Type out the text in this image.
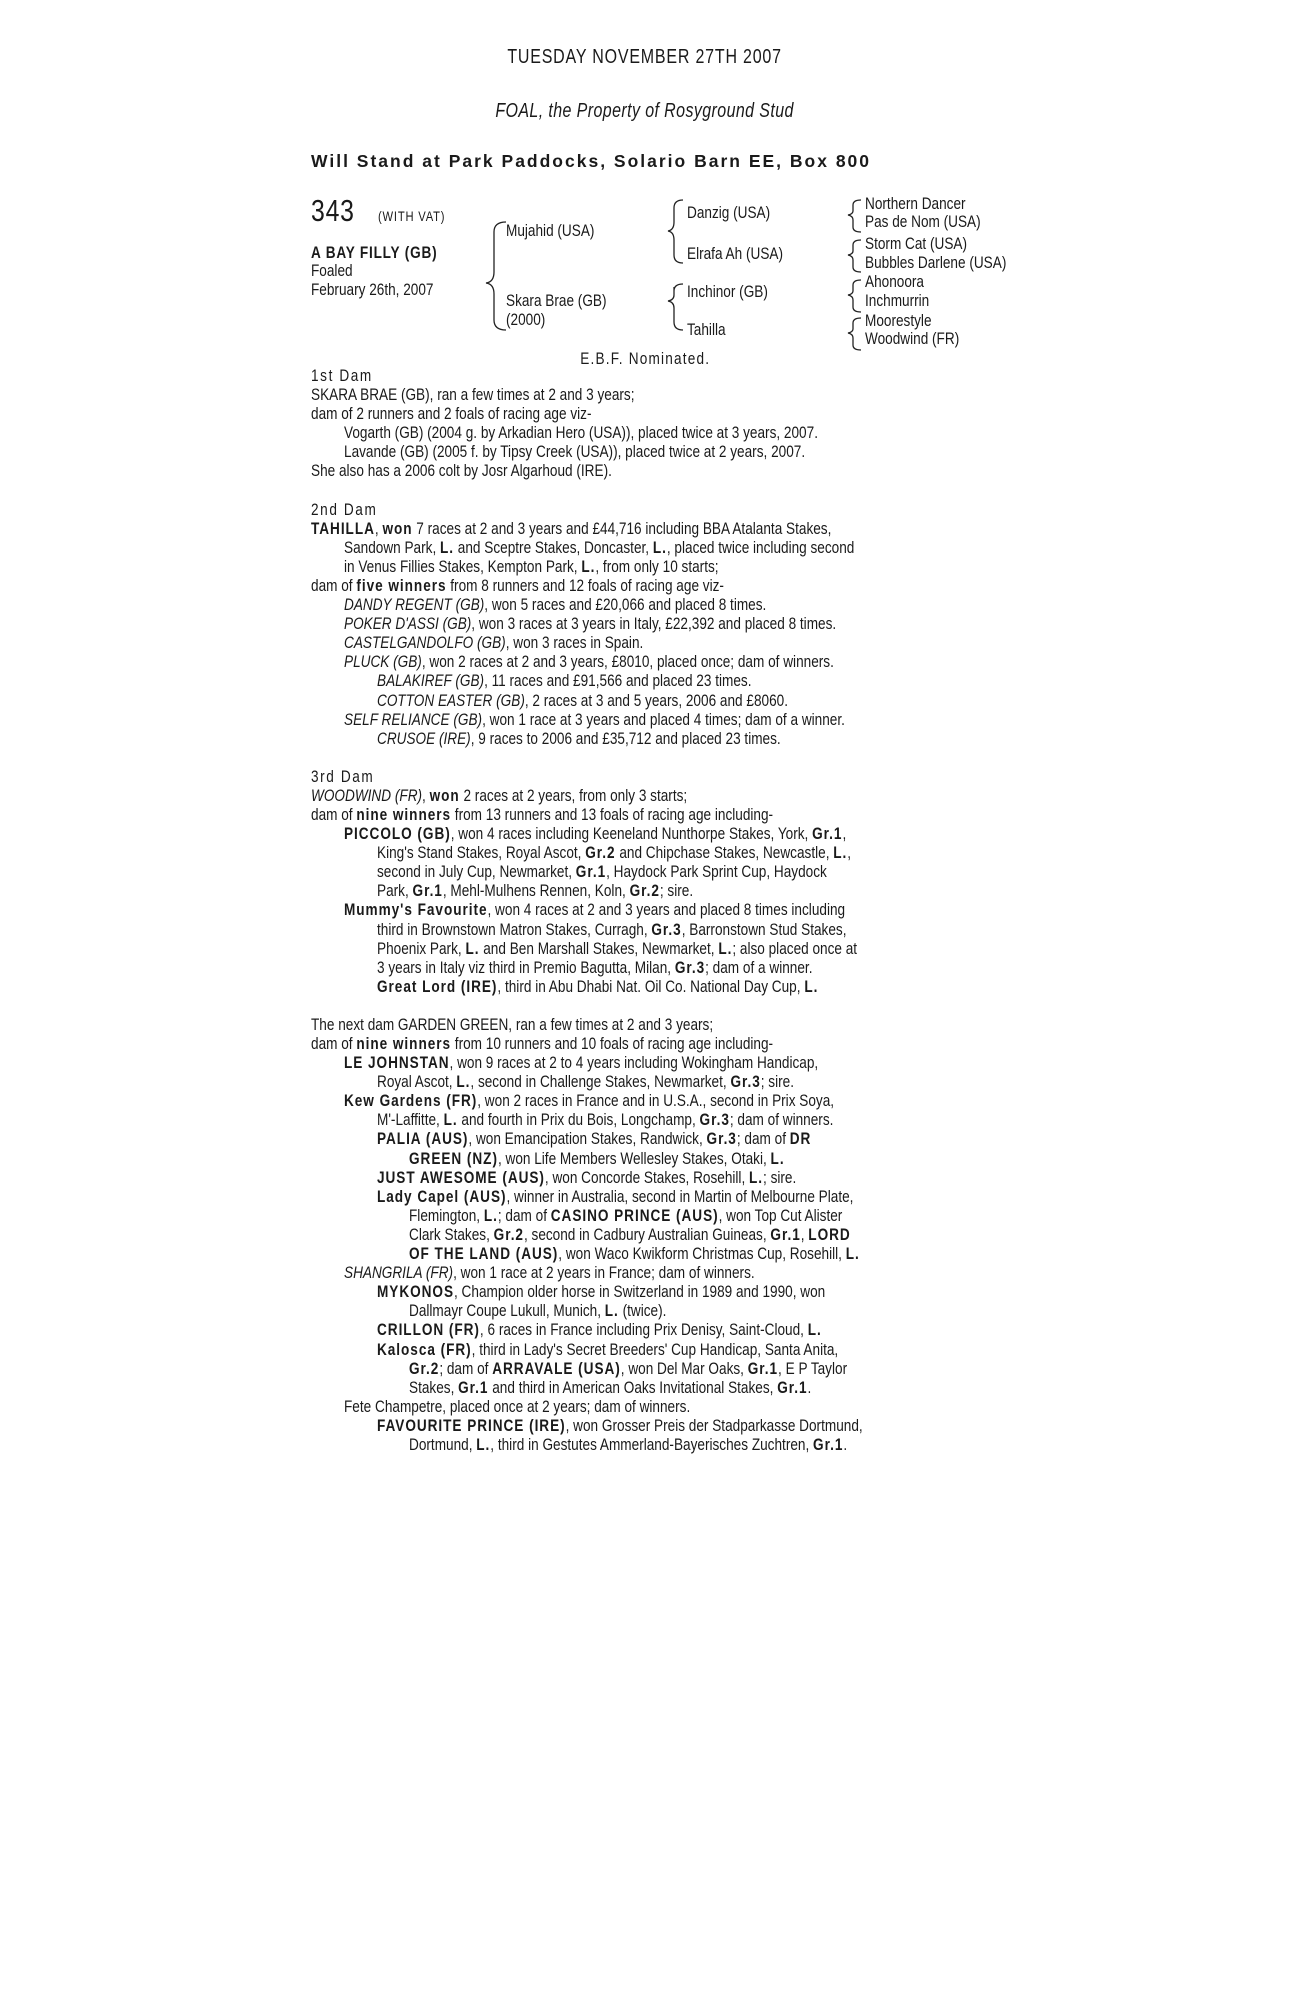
TUESDAY NOVEMBER 27TH 2007
FOAL, the Property of Rosyground Stud
Will Stand at Park Paddocks, Solario Barn EE, Box 800
343 (WITH VAT)
A BAY FILLY (GB)
Foaled
February 26th, 2007
Mujahid (USA)
Skara Brae (GB)
(2000)
Danzig (USA)
Elrafa Ah (USA)
Inchinor (GB)
Tahilla
Northern Dancer
Pas de Nom (USA)
Storm Cat (USA)
Bubbles Darlene (USA)
Ahonoora
Inchmurrin
Moorestyle
Woodwind (FR)
E.B.F. Nominated.
1st Dam
SKARA BRAE (GB), ran a few times at 2 and 3 years;
dam of 2 runners and 2 foals of racing age viz-
Vogarth (GB) (2004 g. by Arkadian Hero (USA)), placed twice at 3 years, 2007.
Lavande (GB) (2005 f. by Tipsy Creek (USA)), placed twice at 2 years, 2007.
She also has a 2006 colt by Josr Algarhoud (IRE).
2nd Dam
TAHILLA, won 7 races at 2 and 3 years and £44,716 including BBA Atalanta Stakes,
Sandown Park, L. and Sceptre Stakes, Doncaster, L., placed twice including second
in Venus Fillies Stakes, Kempton Park, L., from only 10 starts;
dam of five winners from 8 runners and 12 foals of racing age viz-
DANDY REGENT (GB), won 5 races and £20,066 and placed 8 times.
POKER D'ASSI (GB), won 3 races at 3 years in Italy, £22,392 and placed 8 times.
CASTELGANDOLFO (GB), won 3 races in Spain.
PLUCK (GB), won 2 races at 2 and 3 years, £8010, placed once; dam of winners.
BALAKIREF (GB), 11 races and £91,566 and placed 23 times.
COTTON EASTER (GB), 2 races at 3 and 5 years, 2006 and £8060.
SELF RELIANCE (GB), won 1 race at 3 years and placed 4 times; dam of a winner.
CRUSOE (IRE), 9 races to 2006 and £35,712 and placed 23 times.
3rd Dam
WOODWIND (FR), won 2 races at 2 years, from only 3 starts;
dam of nine winners from 13 runners and 13 foals of racing age including-
PICCOLO (GB), won 4 races including Keeneland Nunthorpe Stakes, York, Gr.1,
King's Stand Stakes, Royal Ascot, Gr.2 and Chipchase Stakes, Newcastle, L.,
second in July Cup, Newmarket, Gr.1, Haydock Park Sprint Cup, Haydock
Park, Gr.1, Mehl-Mulhens Rennen, Koln, Gr.2; sire.
Mummy's Favourite, won 4 races at 2 and 3 years and placed 8 times including
third in Brownstown Matron Stakes, Curragh, Gr.3, Barronstown Stud Stakes,
Phoenix Park, L. and Ben Marshall Stakes, Newmarket, L.; also placed once at
3 years in Italy viz third in Premio Bagutta, Milan, Gr.3; dam of a winner.
Great Lord (IRE), third in Abu Dhabi Nat. Oil Co. National Day Cup, L.
The next dam GARDEN GREEN, ran a few times at 2 and 3 years;
dam of nine winners from 10 runners and 10 foals of racing age including-
LE JOHNSTAN, won 9 races at 2 to 4 years including Wokingham Handicap,
Royal Ascot, L., second in Challenge Stakes, Newmarket, Gr.3; sire.
Kew Gardens (FR), won 2 races in France and in U.S.A., second in Prix Soya,
M'-Laffitte, L. and fourth in Prix du Bois, Longchamp, Gr.3; dam of winners.
PALIA (AUS), won Emancipation Stakes, Randwick, Gr.3; dam of DR
GREEN (NZ), won Life Members Wellesley Stakes, Otaki, L.
JUST AWESOME (AUS), won Concorde Stakes, Rosehill, L.; sire.
Lady Capel (AUS), winner in Australia, second in Martin of Melbourne Plate,
Flemington, L.; dam of CASINO PRINCE (AUS), won Top Cut Alister
Clark Stakes, Gr.2, second in Cadbury Australian Guineas, Gr.1, LORD
OF THE LAND (AUS), won Waco Kwikform Christmas Cup, Rosehill, L.
SHANGRILA (FR), won 1 race at 2 years in France; dam of winners.
MYKONOS, Champion older horse in Switzerland in 1989 and 1990, won
Dallmayr Coupe Lukull, Munich, L. (twice).
CRILLON (FR), 6 races in France including Prix Denisy, Saint-Cloud, L.
Kalosca (FR), third in Lady's Secret Breeders' Cup Handicap, Santa Anita,
Gr.2; dam of ARRAVALE (USA), won Del Mar Oaks, Gr.1, E P Taylor
Stakes, Gr.1 and third in American Oaks Invitational Stakes, Gr.1.
Fete Champetre, placed once at 2 years; dam of winners.
FAVOURITE PRINCE (IRE), won Grosser Preis der Stadparkasse Dortmund,
Dortmund, L., third in Gestutes Ammerland-Bayerisches Zuchtren, Gr.1.
